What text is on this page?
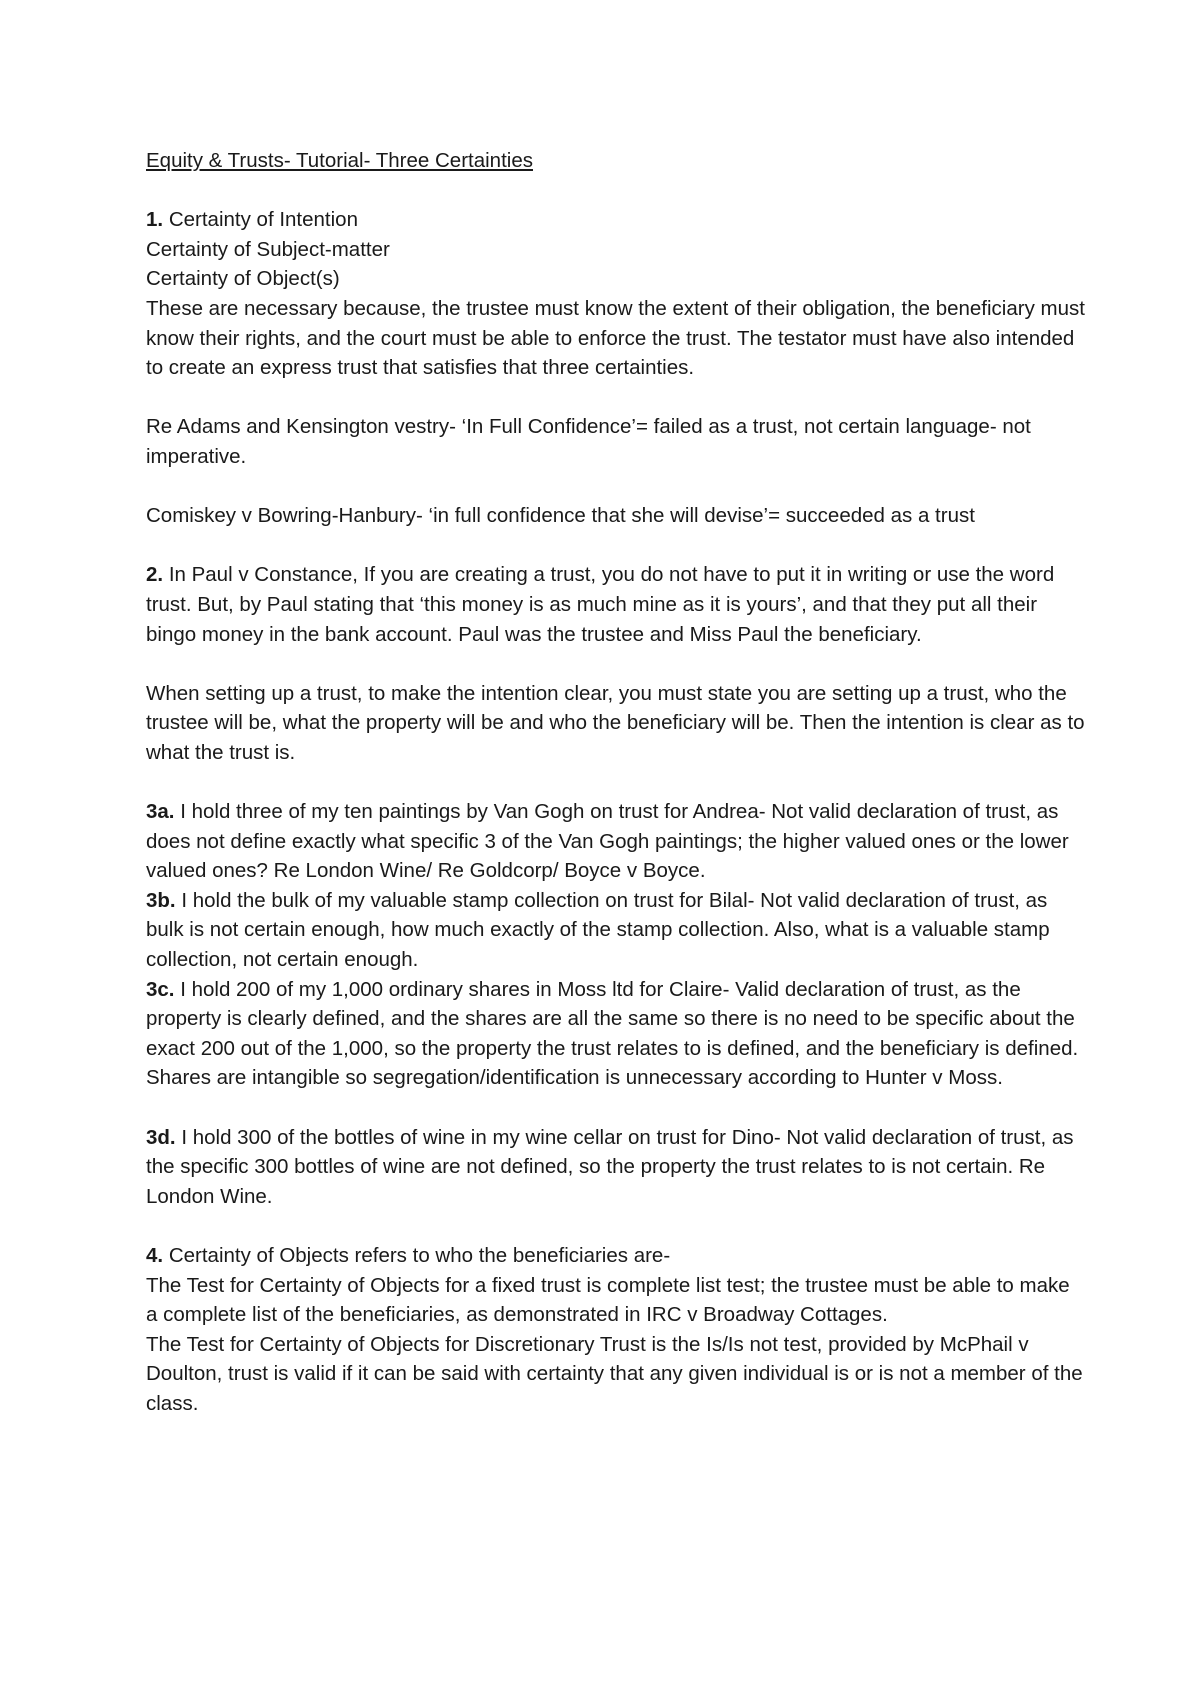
Equity & Trusts- Tutorial- Three Certainties

1. Certainty of Intention

Certainty of Subject-matter

Certainty of Object(s)

These are necessary because, the trustee must know the extent of their obligation, the beneficiary must know their rights, and the court must be able to enforce the trust. The testator must have also intended to create an express trust that satisfies that three certainties.

Re Adams and Kensington vestry- ‘In Full Confidence’= failed as a trust, not certain language- not imperative.

Comiskey v Bowring-Hanbury- ‘in full confidence that she will devise’= succeeded as a trust

2. In Paul v Constance, If you are creating a trust, you do not have to put it in writing or use the word trust. But, by Paul stating that ‘this money is as much mine as it is yours’, and that they put all their bingo money in the bank account. Paul was the trustee and Miss Paul the beneficiary.

When setting up a trust, to make the intention clear, you must state you are setting up a trust, who the trustee will be, what the property will be and who the beneficiary will be. Then the intention is clear as to what the trust is.

3a. I hold three of my ten paintings by Van Gogh on trust for Andrea- Not valid declaration of trust, as does not define exactly what specific 3 of the Van Gogh paintings; the higher valued ones or the lower valued ones? Re London Wine/ Re Goldcorp/ Boyce v Boyce.

3b. I hold the bulk of my valuable stamp collection on trust for Bilal- Not valid declaration of trust, as bulk is not certain enough, how much exactly of the stamp collection. Also, what is a valuable stamp collection, not certain enough.

3c. I hold 200 of my 1,000 ordinary shares in Moss ltd for Claire- Valid declaration of trust, as the property is clearly defined, and the shares are all the same so there is no need to be specific about the exact 200 out of the 1,000, so the property the trust relates to is defined, and the beneficiary is defined. Shares are intangible so segregation/identification is unnecessary according to Hunter v Moss.

3d. I hold 300 of the bottles of wine in my wine cellar on trust for Dino- Not valid declaration of trust, as the specific 300 bottles of wine are not defined, so the property the trust relates to is not certain. Re London Wine.

4. Certainty of Objects refers to who the beneficiaries are-

The Test for Certainty of Objects for a fixed trust is complete list test; the trustee must be able to make a complete list of the beneficiaries, as demonstrated in IRC v Broadway Cottages.

The Test for Certainty of Objects for Discretionary Trust is the Is/Is not test, provided by McPhail v Doulton, trust is valid if it can be said with certainty that any given individual is or is not a member of the class.
